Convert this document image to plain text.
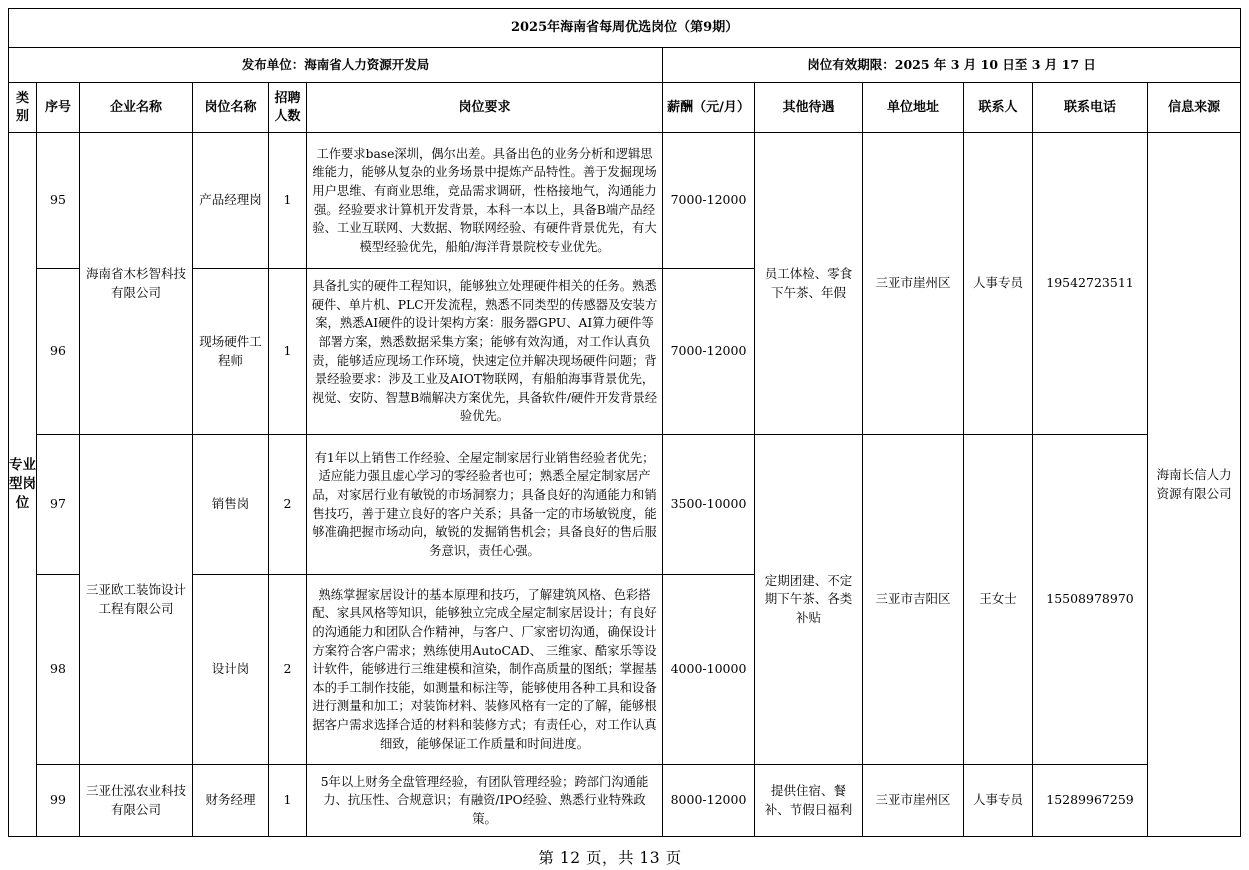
2025年海南省每周优选岗位（第9期）											
发布单位：海南省人力资源开发局						岗位有效期限：2025 年 3 月 10 日至 3 月 17 日					
类别	序号	企业名称	岗位名称	招聘人数	岗位要求	薪酬（元/月）	其他待遇	单位地址	联系人	联系电话	信息来源
专业型岗位	95	海南省木杉智科技有限公司	产品经理岗	1	工作要求base深圳，偶尔出差。具备出色的业务分析和逻辑思维能力，能够从复杂的业务场景中提炼产品特性。善于发掘现场用户思维、有商业思维，竞品需求调研，性格接地气，沟通能力强。经验要求计算机开发背景，本科一本以上，具备B端产品经验、工业互联网、大数据、物联网经验、有硬件背景优先，有大模型经验优先，船舶/海洋背景院校专业优先。	7000-12000	员工体检、零食下午茶、年假	三亚市崖州区	人事专员	19542723511	海南长信人力资源有限公司
	96		现场硬件工程师	1	具备扎实的硬件工程知识，能够独立处理硬件相关的任务。熟悉硬件、单片机、PLC开发流程，熟悉不同类型的传感器及安装方案，熟悉AI硬件的设计架构方案：服务器GPU、AI算力硬件等部署方案，熟悉数据采集方案；能够有效沟通，对工作认真负责，能够适应现场工作环境，快速定位并解决现场硬件问题；背景经验要求：涉及工业及AIOT物联网，有船舶海事背景优先，视觉、安防、智慧B端解决方案优先，具备软件/硬件开发背景经验优先。	7000-12000					
	97	三亚欧工装饰设计工程有限公司	销售岗	2	有1年以上销售工作经验、全屋定制家居行业销售经验者优先；适应能力强且虚心学习的零经验者也可；熟悉全屋定制家居产品，对家居行业有敏锐的市场洞察力；具备良好的沟通能力和销售技巧，善于建立良好的客户关系；具备一定的市场敏锐度，能够准确把握市场动向，敏锐的发掘销售机会；具备良好的售后服务意识，责任心强。	3500-10000	定期团建、不定期下午茶、各类补贴	三亚市吉阳区	王女士	15508978970	
	98		设计岗	2	熟练掌握家居设计的基本原理和技巧，了解建筑风格、色彩搭配、家具风格等知识，能够独立完成全屋定制家居设计；有良好的沟通能力和团队合作精神，与客户、厂家密切沟通，确保设计方案符合客户需求；熟练使用AutoCAD、 三维家、酷家乐等设计软件，能够进行三维建模和渲染，制作高质量的图纸；掌握基本的手工制作技能，如测量和标注等，能够使用各种工具和设备进行测量和加工；对装饰材料、装修风格有一定的了解，能够根据客户需求选择合适的材料和装修方式；有责任心，对工作认真细致，能够保证工作质量和时间进度。	4000-10000					
	99	三亚仕泓农业科技有限公司	财务经理	1	5年以上财务全盘管理经验，有团队管理经验；跨部门沟通能力、抗压性、合规意识；有融资/IPO经验、熟悉行业特殊政策。	8000-12000	提供住宿、餐补、节假日福利	三亚市崖州区	人事专员	15289967259	
第 12 页，共 13 页
